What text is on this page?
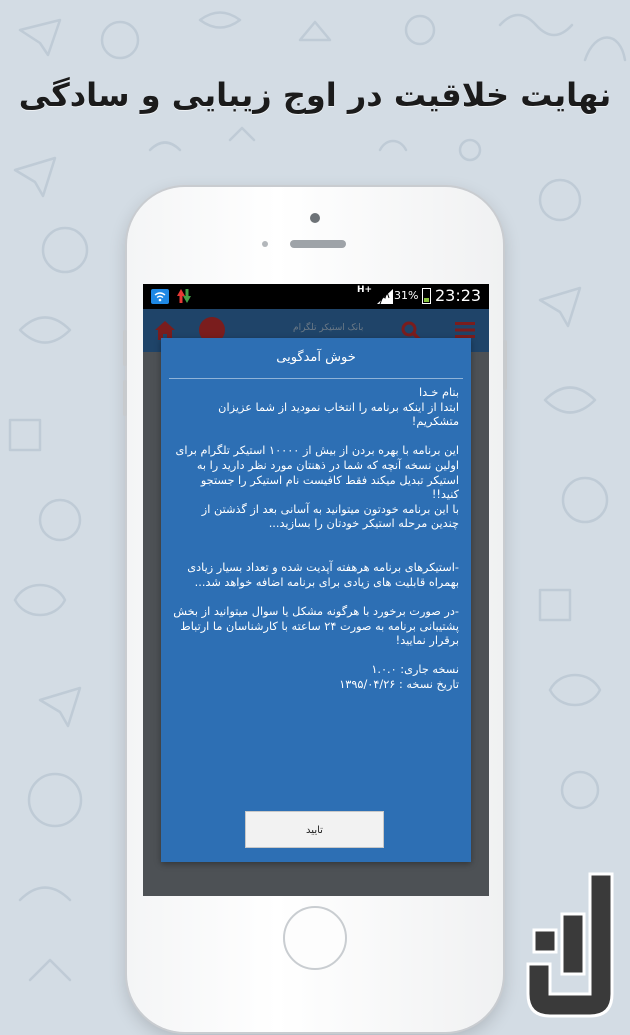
نهایت خلاقیت در اوج زیبایی و سادگی
H+ 31% 23:23
بانک استیکر تلگرام
خوش آمدگویی
بنام خـدا
ابتدا از اینکه برنامه را انتخاب نمودید از شما عزیزان متشکریم!

این برنامه با بهره بردن از بیش از ۱۰۰۰۰ استیکر تلگرام برای اولین نسخه آنچه که شما در ذهنتان مورد نظر دارید را به استیکر تبدیل میکند فقط کافیست نام استیکر را جستجو کنید!!
با این برنامه خودتون میتوانید به آسانی بعد از گذشتن از چندین مرحله استیکر خودتان را بسازید...

-استیکرهای برنامه هرهفته آپدیت شده و تعداد بسیار زیادی بهمراه قابلیت های زیادی برای برنامه اضافه خواهد شد...

-در صورت برخورد با هرگونه مشکل یا سوال میتوانید از بخش پشتیبانی برنامه به صورت ۲۴ ساعته با کارشناسان ما ارتباط برقرار نمایید!

نسخه جاری: ۱.۰.۰
تاریخ نسخه : ۱۳۹۵/۰۴/۲۶
تایید
